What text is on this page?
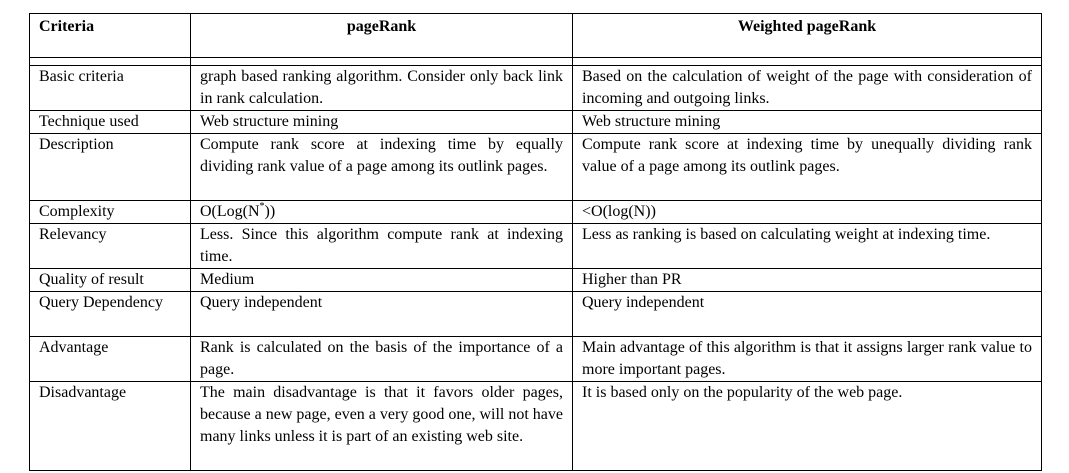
Criteria	pageRank	Weighted pageRank

Basic criteria	graph based ranking algorithm. Consider only back link in rank calculation.	Based on the calculation of weight of the page with consideration of incoming and outgoing links.
Technique used	Web structure mining	Web structure mining
Description	Compute rank score at indexing time by equally dividing rank value of a page among its outlink pages.	Compute rank score at indexing time by unequally dividing rank value of a page among its outlink pages.
Complexity	O(Log(N*))	<O(log(N))
Relevancy	Less. Since this algorithm compute rank at indexing time.	Less as ranking is based on calculating weight at indexing time.
Quality of result	Medium	Higher than PR
Query Dependency	Query independent	Query independent
Advantage	Rank is calculated on the basis of the importance of a page.	Main advantage of this algorithm is that it assigns larger rank value to more important pages.
Disadvantage	The main disadvantage is that it favors older pages, because a new page, even a very good one, will not have many links unless it is part of an existing web site.	It is based only on the popularity of the web page.
